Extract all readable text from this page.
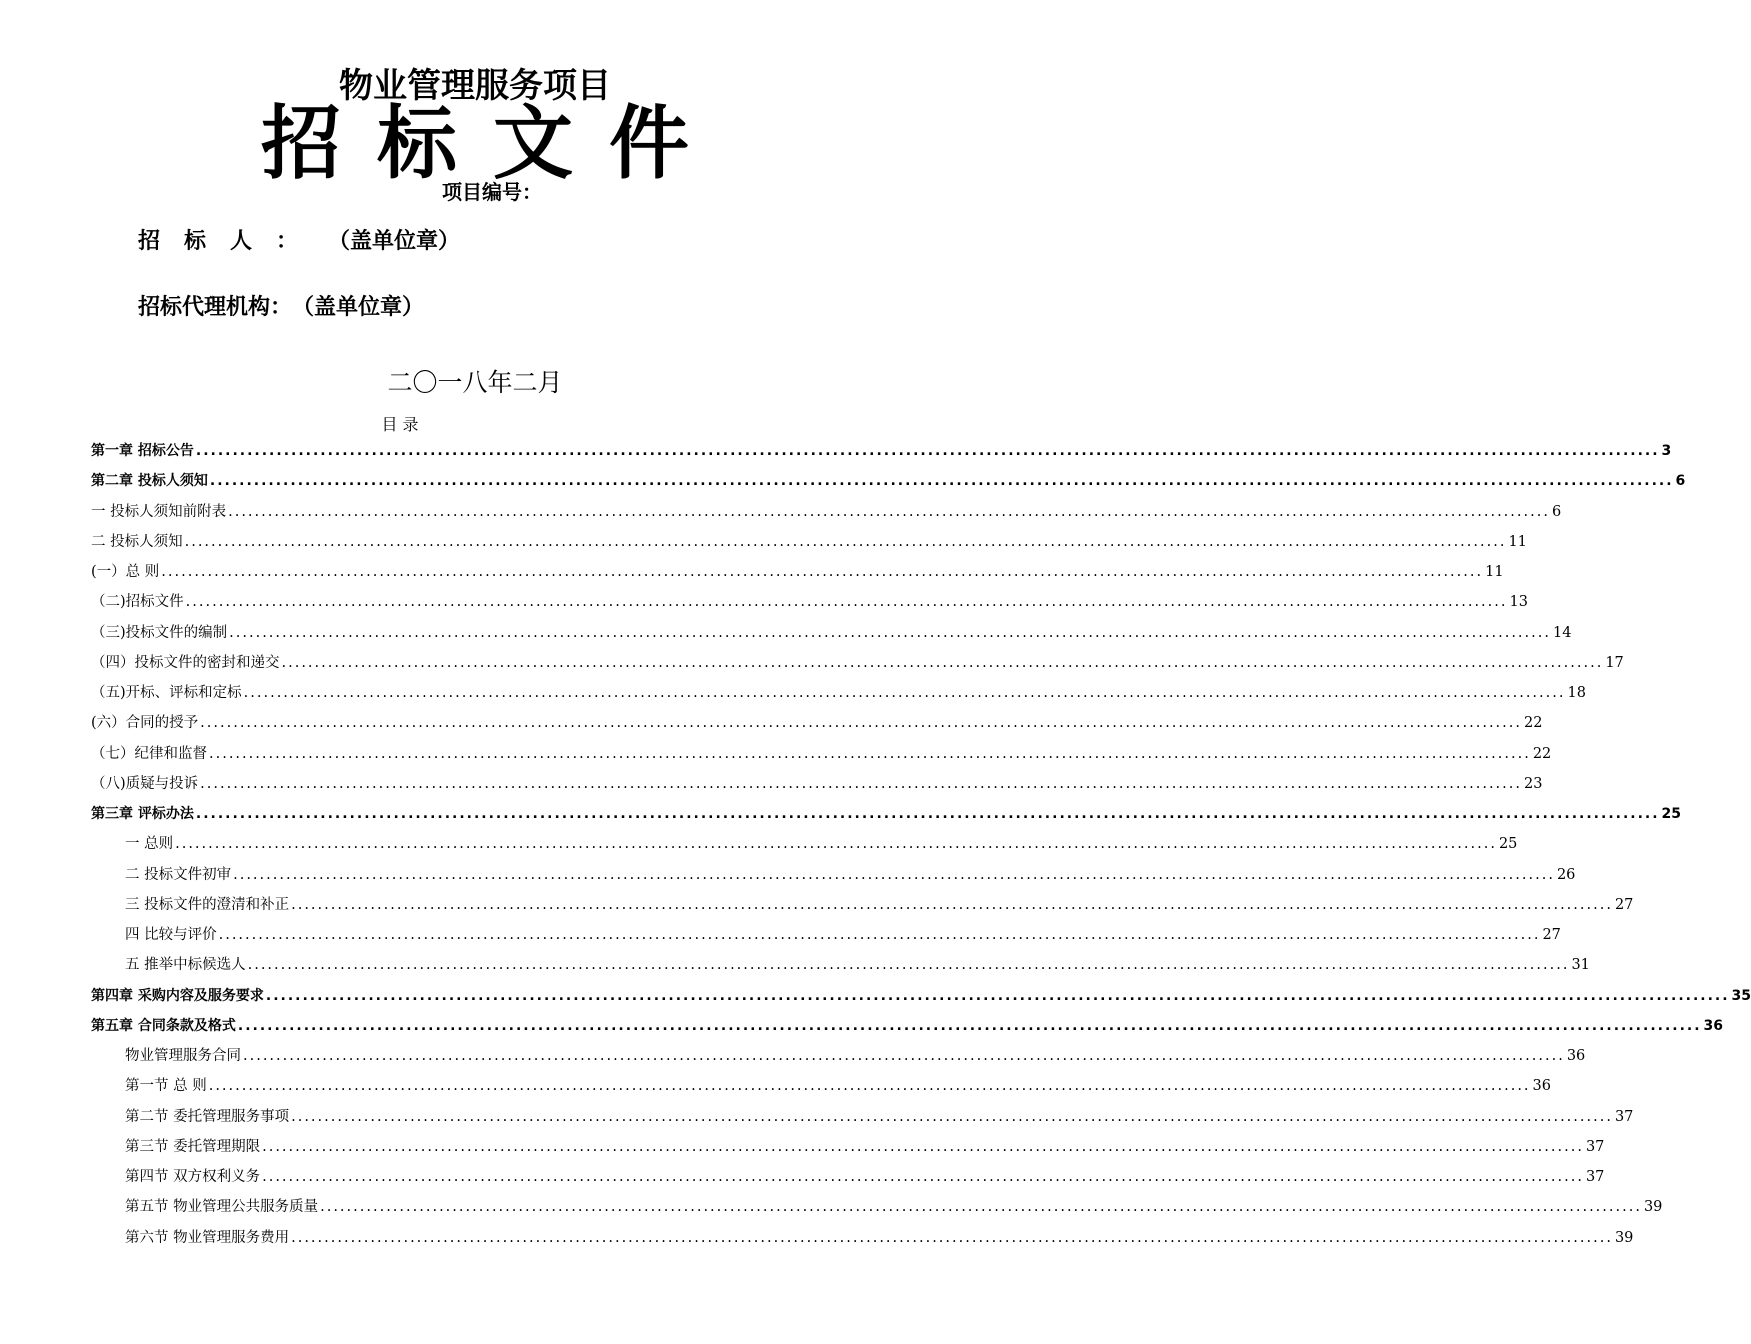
物业管理服务项目
招 标 文 件
项目编号：
招标人： （盖单位章）
招标代理机构：（盖单位章）
二〇一八年二月
目 录
第一章 招标公告 ........................................................................................................................................................................................................ 3
第二章 投标人须知 ........................................................................................................................................................................................................ 6
一 投标人须知前附表 ........................................................................................................................................................................................................ 6
二 投标人须知 ........................................................................................................................................................................................................ 11
(一）总 则 ........................................................................................................................................................................................................ 11
（二)招标文件 ........................................................................................................................................................................................................ 13
（三)投标文件的编制 ........................................................................................................................................................................................................ 14
（四）投标文件的密封和递交 ........................................................................................................................................................................................................ 17
（五)开标、评标和定标 ........................................................................................................................................................................................................ 18
(六）合同的授予 ........................................................................................................................................................................................................ 22
（七）纪律和监督 ........................................................................................................................................................................................................ 22
（八)质疑与投诉 ........................................................................................................................................................................................................ 23
第三章 评标办法 ........................................................................................................................................................................................................ 25
一 总则 ........................................................................................................................................................................................................ 25
二 投标文件初审 ........................................................................................................................................................................................................ 26
三 投标文件的澄清和补正 ........................................................................................................................................................................................................ 27
四 比较与评价 ........................................................................................................................................................................................................ 27
五 推举中标候选人 ........................................................................................................................................................................................................ 31
第四章 采购内容及服务要求 ........................................................................................................................................................................................................ 35
第五章 合同条款及格式 ........................................................................................................................................................................................................ 36
物业管理服务合同 ........................................................................................................................................................................................................ 36
第一节 总 则 ........................................................................................................................................................................................................ 36
第二节 委托管理服务事项 ........................................................................................................................................................................................................ 37
第三节 委托管理期限 ........................................................................................................................................................................................................ 37
第四节 双方权利义务 ........................................................................................................................................................................................................ 37
第五节 物业管理公共服务质量 ........................................................................................................................................................................................................ 39
第六节 物业管理服务费用 ........................................................................................................................................................................................................ 39
